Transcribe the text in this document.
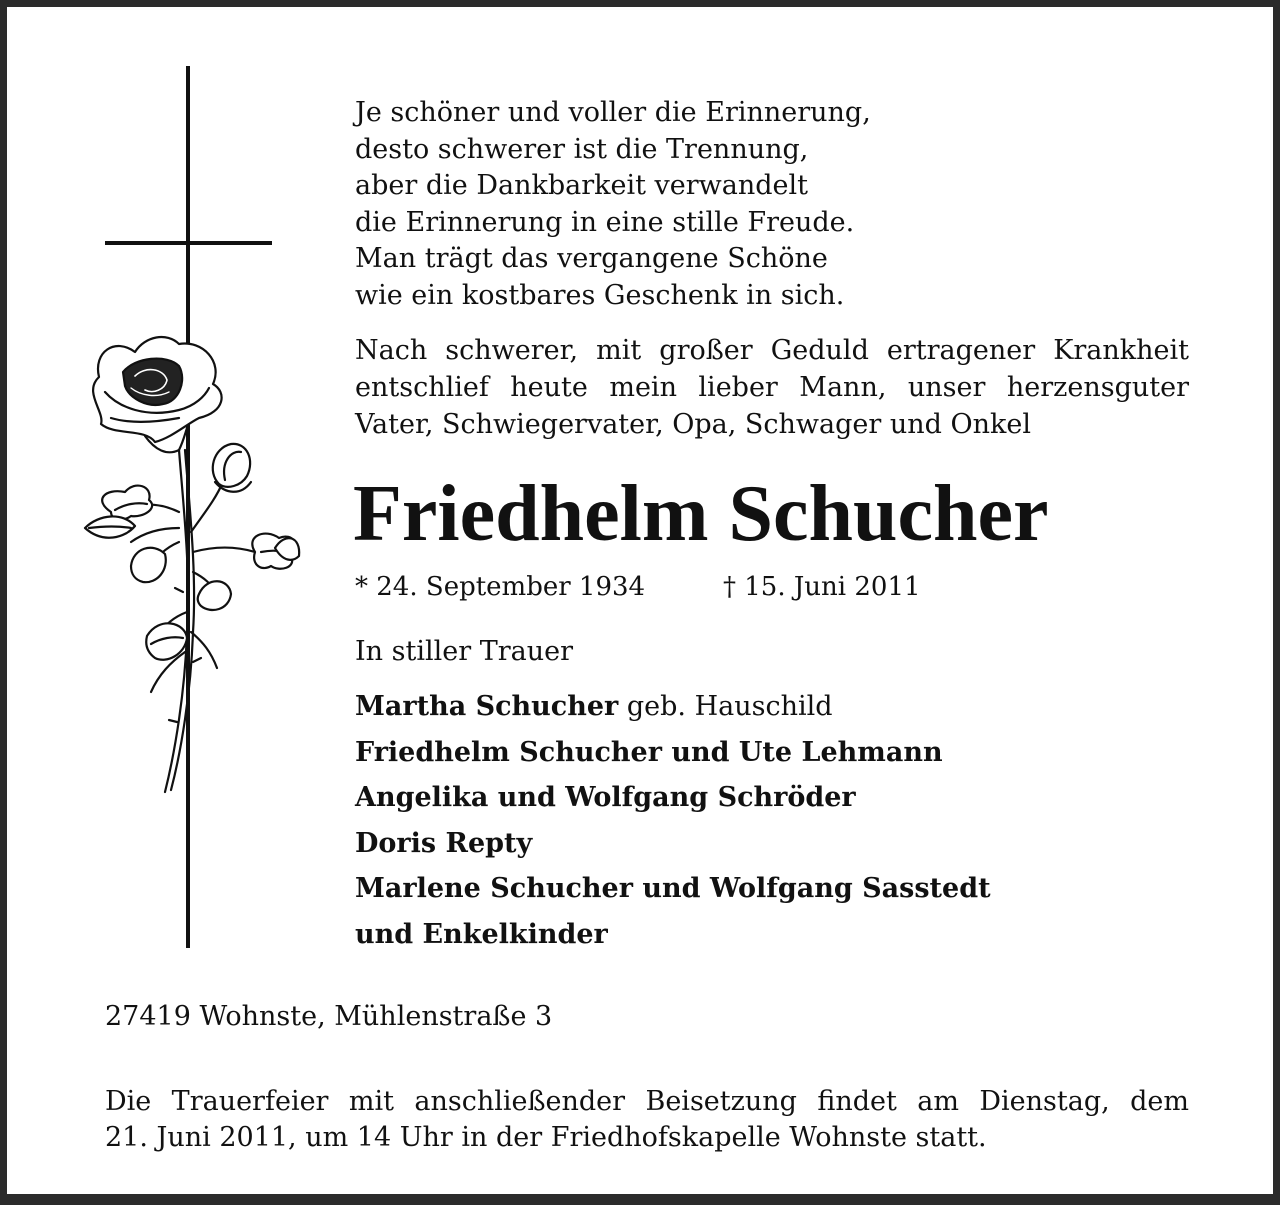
Je schöner und voller die Erinnerung,
desto schwerer ist die Trennung,
aber die Dankbarkeit verwandelt
die Erinnerung in eine stille Freude.
Man trägt das vergangene Schöne
wie ein kostbares Geschenk in sich.
Nach schwerer, mit großer Geduld ertragener Krankheit
entschlief heute mein lieber Mann, unser herzensguter
Vater, Schwiegervater, Opa, Schwager und Onkel
Friedhelm Schucher
* 24. September 1934	† 15. Juni 2011
In stiller Trauer
Martha Schucher geb. Hauschild
Friedhelm Schucher und Ute Lehmann
Angelika und Wolfgang Schröder
Doris Repty
Marlene Schucher und Wolfgang Sasstedt
und Enkelkinder
27419 Wohnste, Mühlenstraße 3
Die Trauerfeier mit anschließender Beisetzung findet am Dienstag, dem
21. Juni 2011, um 14 Uhr in der Friedhofskapelle Wohnste statt.
